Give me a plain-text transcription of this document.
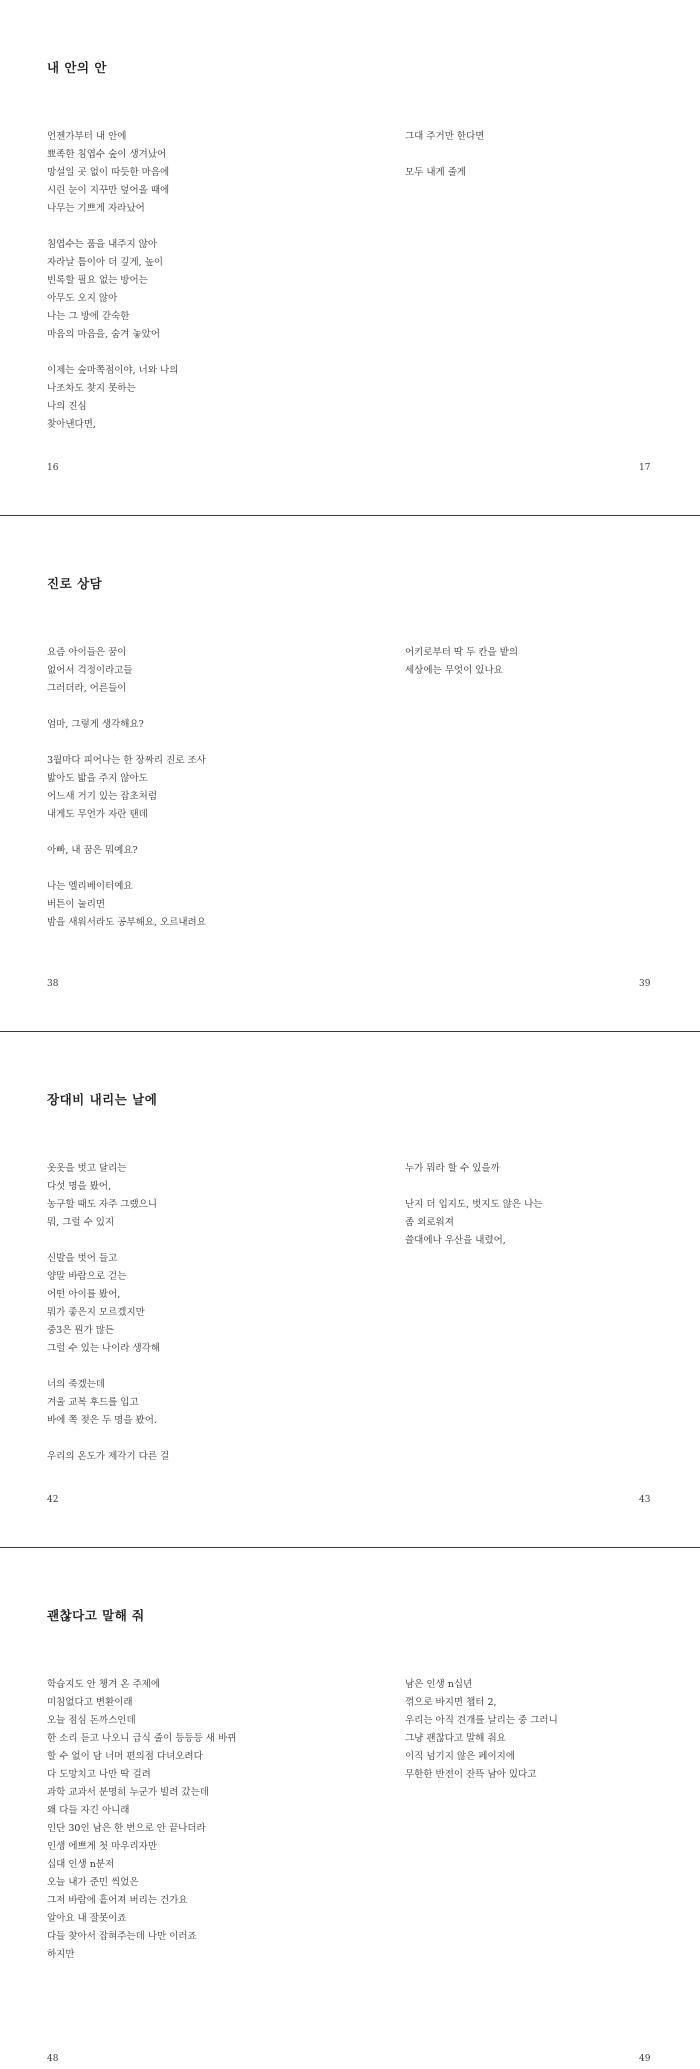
내 안의 안
언젠가부터 내 안에
뾰족한 침엽수 숲이 생겨났어
망설일 곳 없이 따듯한 마음에
시린 눈이 지꾸만 덮어올 때에
나무는 기쁘게 자라났어
침엽수는 품을 내주지 않아
자라날 틈이아 더 깊게, 높이
빈록할 필요 없는 방어는
아무도 오지 않아
나는 그 방에 갇숙한
마음의 마음을, 숨겨 놓았어
이제는 숲마쪽점이야, 너와 나의
나조차도 찾지 못하는
나의 진심
찾아낸다면,
그대 주거만 한다면
모두 내게 줄게
16	17
진로 상담
요즘 아이들은 꿈이
없어서 걱정이라고들
그러더라, 어른들이
엄마, 그렇게 생각해요?
3월마다 피어나는 한 장짜리 진로 조사
밟아도 밟을 주지 않아도
어느새 거기 있는 잡초처럼
내게도 무언가 자란 탠데
아빠, 내 꿈은 뭐예요?
나는 엘리베이터예요
버튼이 눌리면
밤을 새워서라도 공부해요, 오르내려요
어키로부터 딱 두 칸을 밭의
세상에는 무엇이 있나요
38	39
장대비 내리는 날에
옷옷을 벗고 달리는
다섯 명을 봤어,
농구할 때도 자주 그랬으니
뭐, 그럴 수 있지
신발을 벗어 들고
양말 바람으로 걷는
어떤 아이를 봤어,
뭐가 좋은지 모르겠지만
중3은 뭔가 많든
그럴 수 있는 나이라 생각해
너의 죽겠는데
겨울 교복 후드를 입고
바에 쪽 젖은 두 명을 봤어.
우리의 온도가 제각기 다른 걸
누가 뭐라 할 수 있을까
난지 더 입지도, 벗지도 않은 나는
좀 외로워져
쓸대에나 우산을 내렸어,
42	43
괜찮다고 말해 줘
학습지도 안 챙겨 온 주제에
미침없다고 변환이래
오늘 점심 돈까스인데
한 소리 듣고 나오니 급식 줄이 등등등 새 바뀌
할 수 없이 담 너머 편의점 다녀오려다
다 도망치고 나만 딱 걸려
과학 교과서 분명히 누군가 빌려 갔는데
왜 다들 자긴 아니래
인단 30인 남은 한 번으로 안 끝나더라
인생 에쁘게 첫 마우리자만
십대 인생 n분저
오늘 내가 준민 씩었은
그저 바람에 흩어져 버리는 건가요
알아요 내 잘못이죠
다들 찾아서 잡혀주는데 나만 이러죠
하지만
남은 인생 n십년
꺾으로 바지면 챕터 2,
우리는 아직 견개를 날리는 중 그러니
그냥 괜찮다고 말해 줘요
이직 넘기지 않은 페이지에
무한한 반전이 잔뜩 남아 있다고
48	49
